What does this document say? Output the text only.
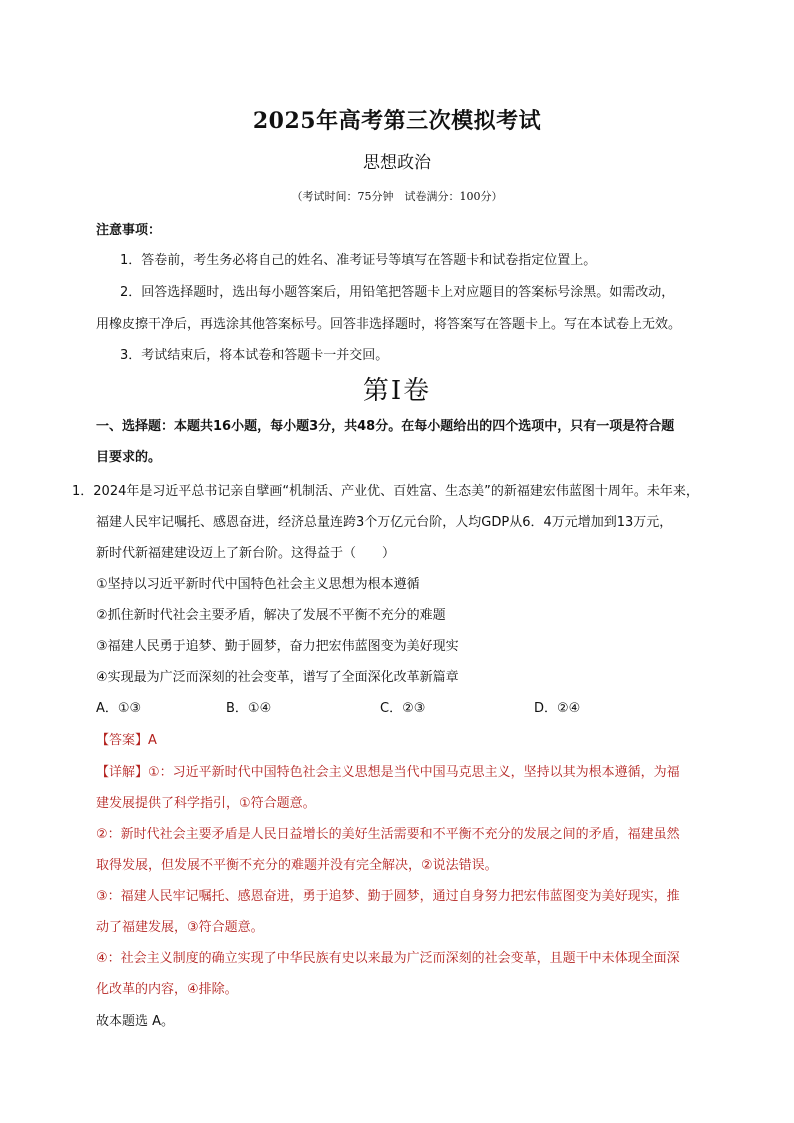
2025年高考第三次模拟考试
思想政治
（考试时间：75分钟　试卷满分：100分）
注意事项：
1．答卷前，考生务必将自己的姓名、准考证号等填写在答题卡和试卷指定位置上。
2．回答选择题时，选出每小题答案后，用铅笔把答题卡上对应题目的答案标号涂黑。如需改动，
用橡皮擦干净后，再选涂其他答案标号。回答非选择题时，将答案写在答题卡上。写在本试卷上无效。
3．考试结束后，将本试卷和答题卡一并交回。
第Ⅰ卷
一、选择题：本题共16小题，每小题3分，共48分。在每小题给出的四个选项中，只有一项是符合题
目要求的。
1．2024年是习近平总书记亲自擘画“机制活、产业优、百姓富、生态美”的新福建宏伟蓝图十周年。未年来，
福建人民牢记嘱托、感恩奋进，经济总量连跨3个万亿元台阶，人均GDP从6．4万元增加到13万元，
新时代新福建建设迈上了新台阶。这得益于（　　）
①坚持以习近平新时代中国特色社会主义思想为根本遵循
②抓住新时代社会主要矛盾，解决了发展不平衡不充分的难题
③福建人民勇于追梦、勤于圆梦，奋力把宏伟蓝图变为美好现实
④实现最为广泛而深刻的社会变革，谱写了全面深化改革新篇章
A．①③	B．①④	C．②③	D．②④
【答案】A
【详解】①：习近平新时代中国特色社会主义思想是当代中国马克思主义，坚持以其为根本遵循，为福
建发展提供了科学指引，①符合题意。
②：新时代社会主要矛盾是人民日益增长的美好生活需要和不平衡不充分的发展之间的矛盾，福建虽然
取得发展，但发展不平衡不充分的难题并没有完全解决，②说法错误。
③：福建人民牢记嘱托、感恩奋进，勇于追梦、勤于圆梦，通过自身努力把宏伟蓝图变为美好现实，推
动了福建发展，③符合题意。
④：社会主义制度的确立实现了中华民族有史以来最为广泛而深刻的社会变革，且题干中未体现全面深
化改革的内容，④排除。
故本题选 A。
